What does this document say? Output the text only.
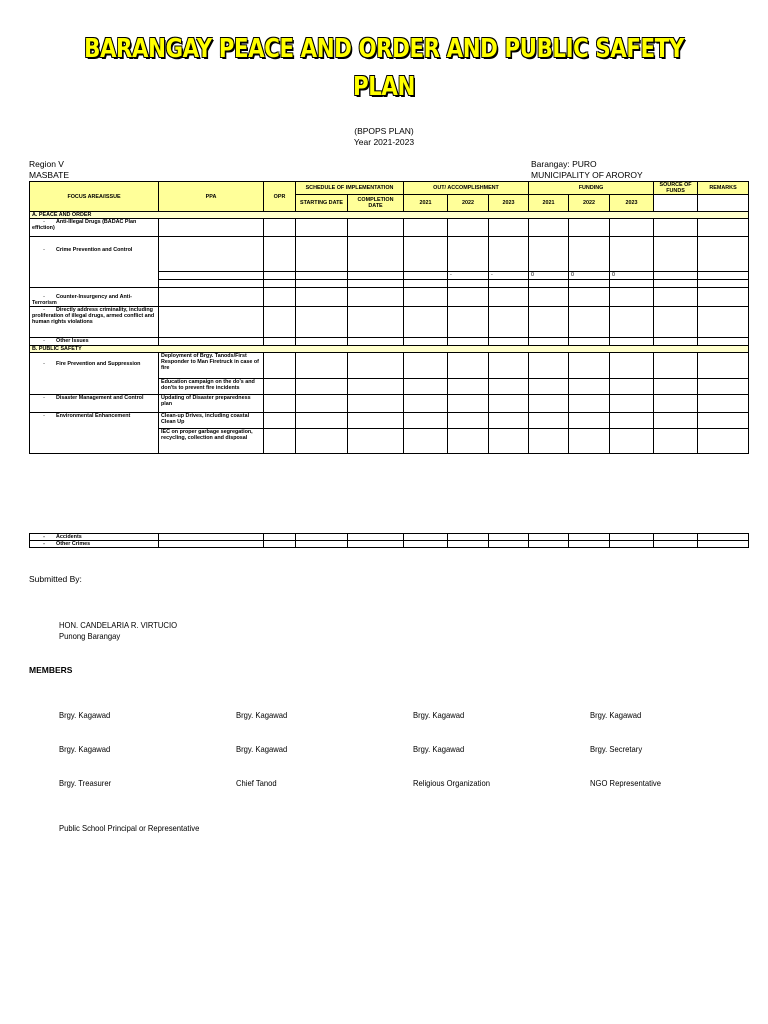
BARANGAY PEACE AND ORDER AND PUBLIC SAFETY
PLAN
(BPOPS PLAN)
Year 2021-2023
Region V
MASBATE
Barangay: PURO
MUNICIPALITY OF AROROY
FOCUS AREA/ISSUE	PPA	OPR	SCHEDULE OF IMPLEMENTATION		OUT/ ACCOMPLISHMENT			FUNDING			SOURCE OF FUNDS	REMARKS
			STARTING DATE	COMPLETION DATE	2021	2022	2023	2021	2022	2023		
A. PEACE AND ORDER												
- Anti-Illegal Drugs (BADAC Plan effiction)												

- Crime Prevention and Control												

						-	-	0	0	0		

- Counter-Insurgency and Anti-Terrorism												

- Directly address criminality, including proliferation of illegal drugs, armed conflict and human rights violations												
- Other Issues												
B. PUBLIC SAFETY												

- Fire Prevention and Suppression	Deployment of Brgy. Tanods/First Responder to Man Firetruck in case of fire											
	Education campaign on the do's and don'ts to prevent fire incidents											

- Disaster Management and Control	Updating of Disaster preparedness plan											
- Environmental Enhancement	Clean-up Drives, including coastal Clean Up											
	IEC on proper garbage segregation, recycling, collection and disposal											
- Accidents												
- Other Crimes												
Submitted By:
HON. CANDELARIA R. VIRTUCIO
Punong Barangay
MEMBERS
Brgy. Kagawad	Brgy. Kagawad	Brgy. Kagawad	Brgy. Kagawad
Brgy. Kagawad	Brgy. Kagawad	Brgy. Kagawad	Brgy. Secretary
Brgy. Treasurer	Chief Tanod	Religious Organization	NGO Representative
Public School Principal or Representative
